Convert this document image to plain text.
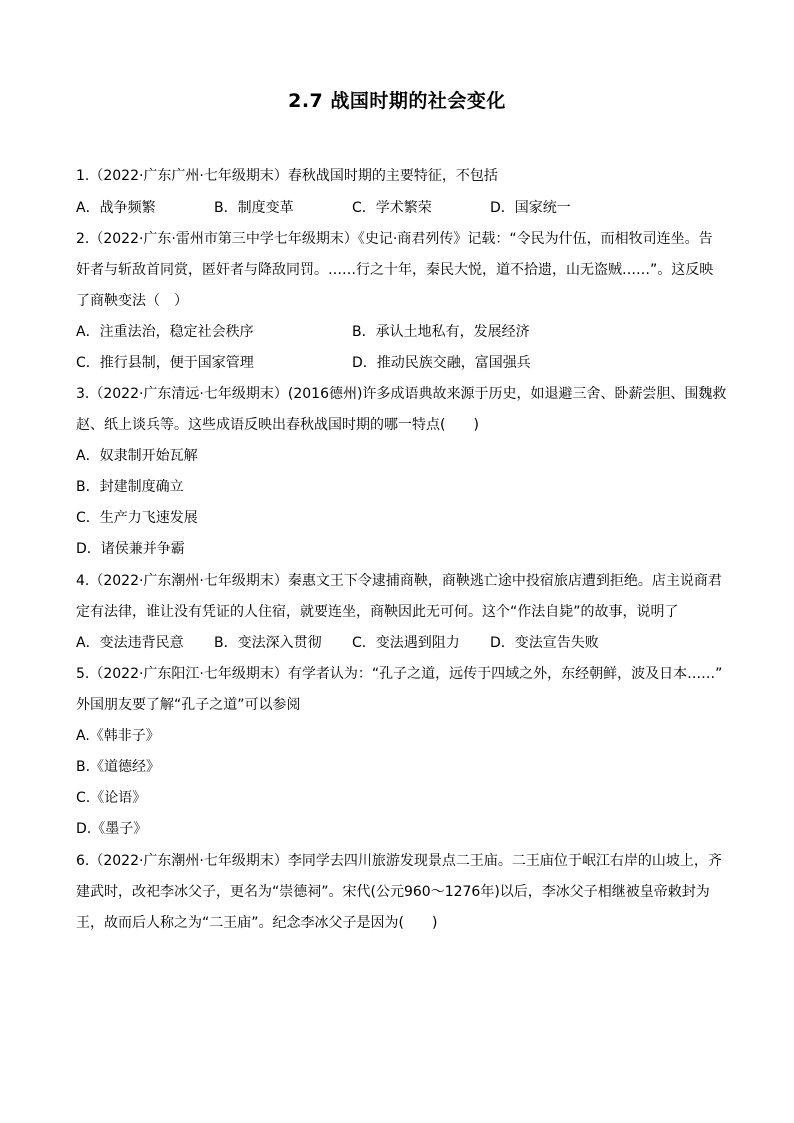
2.7 战国时期的社会变化
1.（2022·广东广州·七年级期末）春秋战国时期的主要特征，不包括
A．战争频繁	B．制度变革	C．学术繁荣	D．国家统一
2.（2022·广东·雷州市第三中学七年级期末）《史记·商君列传》记载：“令民为什伍，而相牧司连坐。告
奸者与斩敌首同赏，匿奸者与降敌同罚。……行之十年，秦民大悦，道不拾遗，山无盗贼……”。这反映
了商鞅变法（　）
A．注重法治，稳定社会秩序	B．承认土地私有，发展经济
C．推行县制，便于国家管理	D．推动民族交融，富国强兵
3.（2022·广东清远·七年级期末）(2016德州)许多成语典故来源于历史，如退避三舍、卧薪尝胆、围魏救
赵、纸上谈兵等。这些成语反映出春秋战国时期的哪一特点(　　)
A．奴隶制开始瓦解
B．封建制度确立
C．生产力飞速发展
D．诸侯兼并争霸
4.（2022·广东潮州·七年级期末）秦惠文王下令逮捕商鞅，商鞅逃亡途中投宿旅店遭到拒绝。店主说商君
定有法律，谁让没有凭证的人住宿，就要连坐，商鞅因此无可何。这个“作法自毙”的故事，说明了
A．变法违背民意 B．变法深入贯彻 C．变法遇到阻力 D．变法宣告失败
5.（2022·广东阳江·七年级期末）有学者认为：“孔子之道，远传于四域之外，东经朝鲜，波及日本……”
外国朋友要了解“孔子之道”可以参阅
A.《韩非子》
B.《道德经》
C.《论语》
D.《墨子》
6.（2022·广东潮州·七年级期末）李同学去四川旅游发现景点二王庙。二王庙位于岷江右岸的山坡上，齐
建武时，改祀李冰父子，更名为“崇德祠”。宋代(公元960～1276年)以后，李冰父子相继被皇帝敕封为
王，故而后人称之为“二王庙”。纪念李冰父子是因为(　　)
